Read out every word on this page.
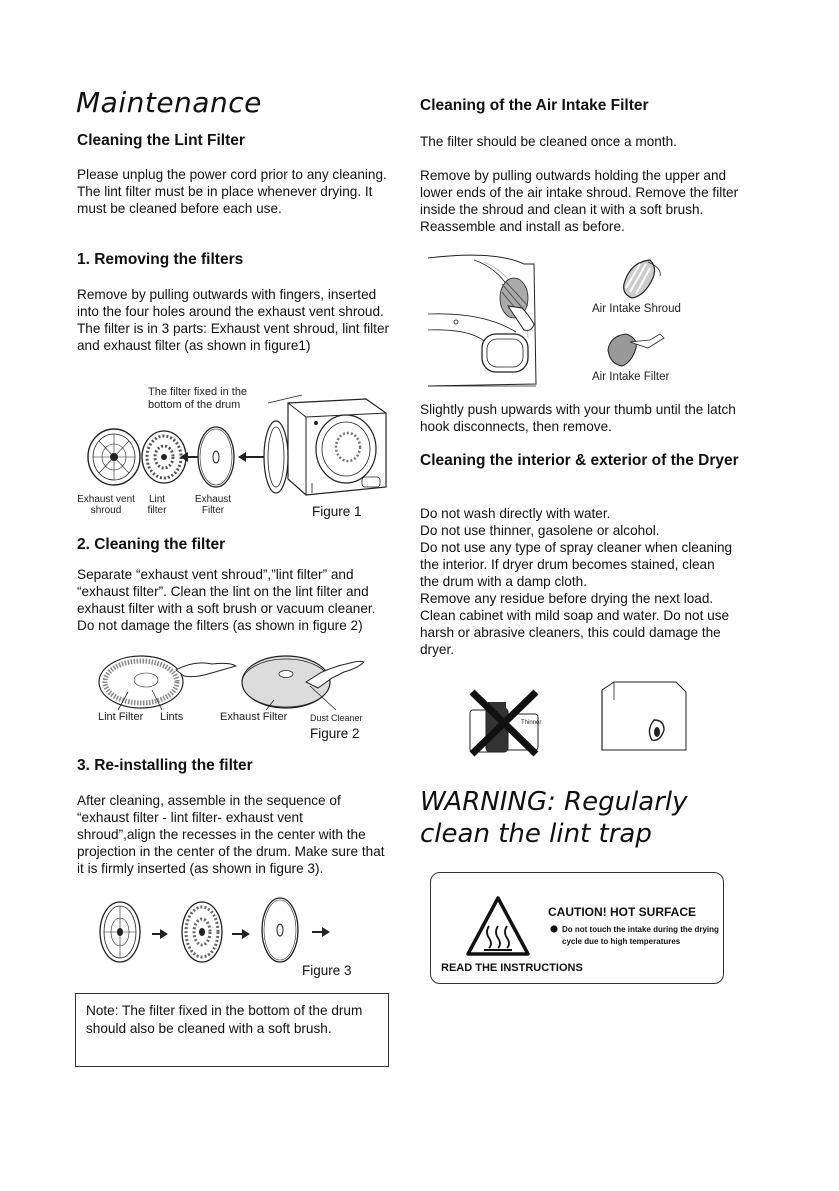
Maintenance
Cleaning the Lint Filter
Please unplug the power cord prior to any cleaning. The lint filter must be in place whenever drying. It must be cleaned before each use.
1. Removing the filters
Remove by pulling outwards with fingers, inserted into the four holes around the exhaust vent shroud. The filter is in 3 parts: Exhaust vent shroud, lint filter and exhaust filter (as shown in figure1)
The filter fixed in the bottom of the drum
Exhaust vent shroud
Lint filter
Exhaust Filter	Figure 1
2. Cleaning the filter
Separate “exhaust vent shroud”,”lint filter” and “exhaust filter”. Clean the lint on the lint filter and exhaust filter with a soft brush or vacuum cleaner. Do not damage the filters (as shown in figure 2)
Lint Filter Lints	Exhaust Filter	Dust Cleaner
Figure 2
3. Re-installing the filter
After cleaning, assemble in the sequence of “exhaust filter - lint filter- exhaust vent shroud”,align the recesses in the center with the projection in the center of the drum. Make sure that it is firmly inserted (as shown in figure 3).
Figure 3
Note: The filter fixed in the bottom of the drum should also be cleaned with a soft brush.
Cleaning of the Air Intake Filter
The filter should be cleaned once a month.
Remove by pulling outwards holding the upper and lower ends of the air intake shroud. Remove the filter inside the shroud and clean it with a soft brush. Reassemble and install as before.
Air Intake Shroud
Air Intake Filter
Slightly push upwards with your thumb until the latch hook disconnects, then remove.
Cleaning the interior & exterior of the Dryer
Do not wash directly with water.
Do not use thinner, gasolene or alcohol.
Do not use any type of spray cleaner when cleaning the interior. If dryer drum becomes stained, clean the drum with a damp cloth.
Remove any residue before drying the next load.
Clean cabinet with mild soap and water. Do not use harsh or abrasive cleaners, this could damage the dryer.
Thinner
WARNING: Regularly clean the lint trap
CAUTION! HOT SURFACE
Do not touch the intake during the drying cycle due to high temperatures
READ THE INSTRUCTIONS
